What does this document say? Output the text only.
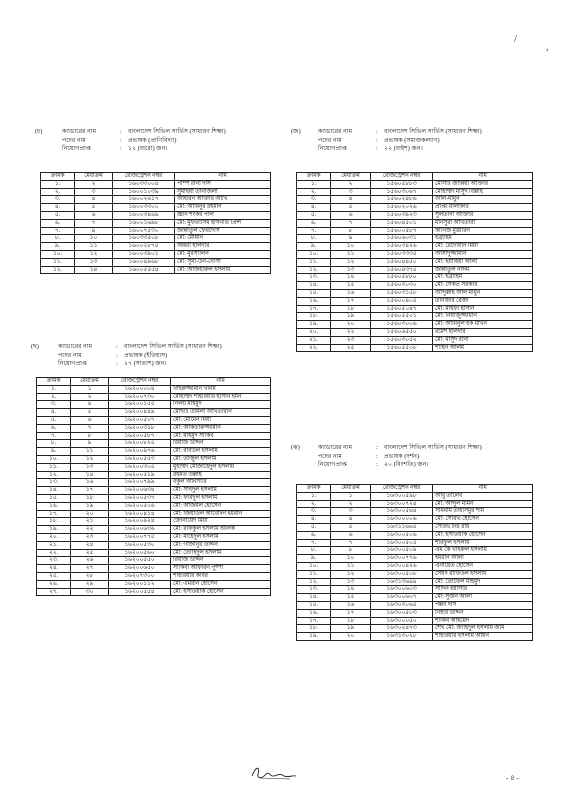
/
,
(চ)	ক্যাডারের নাম	:	বাংলাদেশ সিভিল সার্ভিস (সাধারণ শিক্ষা)
পদের নাম	:	প্রভাষক (প্রাণিবিদ্যা)
নিয়োগপ্রাপ্ত	:	১২ (বারো) জন।
ক্রমিক	মেধাক্রম	রেজিস্ট্রেশন নম্বর	নাম
১.	২	১৬০৩৩০০৪	পম্পি রানী দাস
২.	৩	১৬০০১০৩৯	সুমাইয়া তানজিলা
৩.	৪	১৬০০২৬১৭	আইরিন আক্তার আঁখি
৪.	৫	১৬০০৩৩০০	মো: আমিনুর রহমান
৫.	৬	১৬০০৩৪৬৯	জ্ঞান শংকর পাল
৬.	৭	১৬০০১৬৯৮	মো: মুফতাসিম হাসনাত প্রিন্স
৭.	৯	১৬০০৭৫৩০	জান্নাতুল ফেরদৌস
৮.	১০	১৬০৩৩৫০৮	মো: মোমান
৯.	১১	১৬০০২৮৭৫	অন্তরা হালদার
১০.	১২	১৬০০৩৯০১	মো: মুরসালিন
১১.	১৩	১৬০০৪৯৬৮	মো: সুমা-উন-নৌসা
১২.	১৪	১৬০০৫৫৫৪	মো: আজহারুল ইসলাম
(ছ)	ক্যাডারের নাম	:	বাংলাদেশ সিভিল সার্ভিস (সাধারণ শিক্ষা)
পদের নাম	:	প্রভাষক (ইতিহাস)
নিয়োগপ্রাপ্ত	:	২৭ (সাতাশ) জন।
ক্রমিক	মেধাক্রম	রেজিস্ট্রেশন নম্বর	নাম
১.	১	১৬২০০০০৪	খাইরুজ্জামান খানম
২.	২	১৬২০০৭৩০	মোহাম্মদ শাহরিয়ার হাসান ইমন
৩.	৪	১৬২০০১৫৫	নিলয় মাহমুদ
৪.	৫	১৬২০০৪৪৯	মোছাঃ উর্মিলা আখতারীন
৫.	৬	১৬২০০৫০৭	মো: মোমেন মিয়া
৬.	৭	১৬২০০৩১৮	মো: আকতারুজ্জামান
৭.	৮	১৬২০০৫৮৭	মো: মাহমুদ সাকিব
৮.	৯	১৬২০০৮২৫	রিয়াজ উদ্দিন
৯.	১১	১৬২০০৯৭৬	মো: রবিউল ইসলাম
১০.	১২	১৬২০০৫৫৩	মো: তাজুল ইসলাম
১১.	১৩	১৬২০০৩০৫	মুহাম্মদ মোজাহেদুল ইসলাম
১২.	১৪	১৬২০০৫১৯	রহমত উল্লাহ
১৩.	১৬	১৬২০০৭৯৯	বকুল আনসারি
১৪.	১৭	১৬২০০৬৩৪	মো: সাইদুল ইসলাম
১৫.	১৮	১৬২০০৫৩৭	মো: ফরিদুল ইসলাম
১৬.	১৯	১৬২০০৫০৬	মো: আজমল হোসেন
১৭.	২০	১৬২০০৪১৪	মো: জিয়াউল আবেদিন ইমরান
১৮.	২১	১৬২০০৯২৪	জোনায়েদ মিয়া
১৯.	২২	১৬২০০৬৩৬	মো: রফিকুল ইসলাম অলিক
২০.	২৩	১৬২০০৭৭৫	মো: মাহেদুল ইসলাম
২১.	২৪	১৬২০০৫৩০	মো: গাজীনুর উদ্দিন
২২.	২৫	১৬২০০৫৬০	মো: তৌহিদুল ইসলাম
২৩.	২৬	১৬২০০৫৫০	রিয়াজ উদ্দিন
২৪.	২৭	১৬২০০৬৫০	সাকিবা আফরিন পুষ্পা
২৫.	২৮	১৬২০৭৩০০	শাহরিয়ার কবির
২৬.	২৯	১৬২০০১১২	মো: এমরান হোসেন
২৭.	৩০	১৬২০০৫৫৪	মো: ইসতিয়াক হোসেন
(জ)	ক্যাডারের নাম	:	বাংলাদেশ সিভিল সার্ভিস (সাধারণ শিক্ষা)
পদের নাম	:	প্রভাষক (সমাজকল্যাণ)
নিয়োগপ্রাপ্ত	:	২২ (বাইশ) জন।
ক্রমিক	মেধাক্রম	রেজিস্ট্রেশন নম্বর	নাম
১.	২	১৫৬০৫৮৮৩	মোসাঃ জান্নিয়া আক্তার
২.	৩	১৫৬০৩০৬৭	মোহাম্মদ মাসুদ বিল্লাহ
৩.	৪	১৫৬০২৪৮৬	আল-মামুন
৪.	৫	১৫৬০২০২৬	প্রাপ্তী মালাকার
৫.	৬	১৫৬০৩৯২৩	সুলতানা আক্তার
৬.	৭	১৫৬০৪৫০১	মানসুরা আখতারা
৭.	৮	১৫৬০০৫৮৭	কানিজ মুস্তারিন
৮.	৯	১৫৬০৬০৩১	ইব্রাহিম
৯.	১০	১৫৬০৩৪২৬	মো: রেদোয়ান মিয়া
১০.	১১	১৫৬০৩৩৩৫	আসাদুজ্জামান
১১.	১২	১৫৬০৪৪৫০	মো: ইয়াহিয়া আলী
১২.	১৩	১৫৬০৪৩৭৫	জান্নাতুল নাঈম
১৩.	১৪	১৫৬০৫৮৮০	মো: ইব্রাহিম
১৪.	১৫	১৫৬০৩০৩০	মো: সৈকত সরকার
১৫.	১৬	১৫৬০৩১৫৮	আব্দুল্লাহ আল মামুন
১৬.	১৭	১৫৬০০৪০৫	তানজীর রেজা
১৭.	১৮	১৫৬০৫০৪৭	মো: মাহফী হাসান
১৮.	১৯	১৫৬০৫৫০১	মো: নিয়াজুজ্জামান
১৯.	২০	১৫৬০৩০০৬	মো: আমিনুল হক মাখন
২০.	২২	১৫৬০৬৫৫০	রমেশ হালদার
২১.	২৩	১৫৬০৩০৫২	মো: মাসুদ রানা
২২.	২৫	১৫৬০৫৫০৮	শাহিন আলম
(ঝ)	ক্যাডারের নাম	:	বাংলাদেশ সিভিল সার্ভিস (সাধারণ শিক্ষা)
পদের নাম	:	প্রভাষক (দর্শন)
নিয়োগপ্রাপ্ত	:	২০ (বিংশতি) জন।
ক্রমিক	মেধাক্রম	রেজিস্ট্রেশন নম্বর	নাম
১.	১	১৬৩০০৫৯৮	আবু তালেব
২.	২	১৬৩০০৭২৪	মো: আব্দুল মমিন
৩.	৩	১৬৩০০৫৬৪	সামমীম তাহাসমুর শীম
৪.	৪	১৬৩০০০০৬	মো: সৌরভ হোসেন
৫.	৫	১৬৩১১৬৬৫	সৌরভ চন্দ্র রায়
৬.	৬	১৬৩০০৫০৬	মো: ইসতিয়াক হোসেন
৭.	৭	১৬৩০০৫০৫	শরিফুল ইসলাম
৮.	৮	১৬৩০০৫০৯	এম কে খাইরুল ইসলাম
৯.	১০	১৬৩০০৭৭৬	ইমরান আলী
১০.	১১	১৬৩০০৪২৬	এনায়েত হোসেন
১১.	১২	১৬৩০০৫০৮	সৈয়দ রাফিউল ইসলাম
১২.	১৩	১৬৩১৩৬৯৯	মো: তোফেল মাহমুদ
১৩.	১৪	১৬৩০০৬০৩	সাদিন ইয়াসার
১৪.	১৫	১৬৩০০৬০৭	মো: সুজন আলী
১৫.	১৬	১৬৩০৩০৬৫	পল্লব দাস
১৬.	১৭	১৬৩০০৫০৩	নিহার উদ্দিন
১৭.	১৮	১৬৩০০০৫০	শাকিব আহমেদ
১৮.	১৯	১৬৩০২৪৭৩	শেখ মো: জাহিদুল ইসলাম জীম
১৯.	২০	১৬৩১৩০২৮	শাহরিয়ার ইসলাম আয়ন
- ৪ -
